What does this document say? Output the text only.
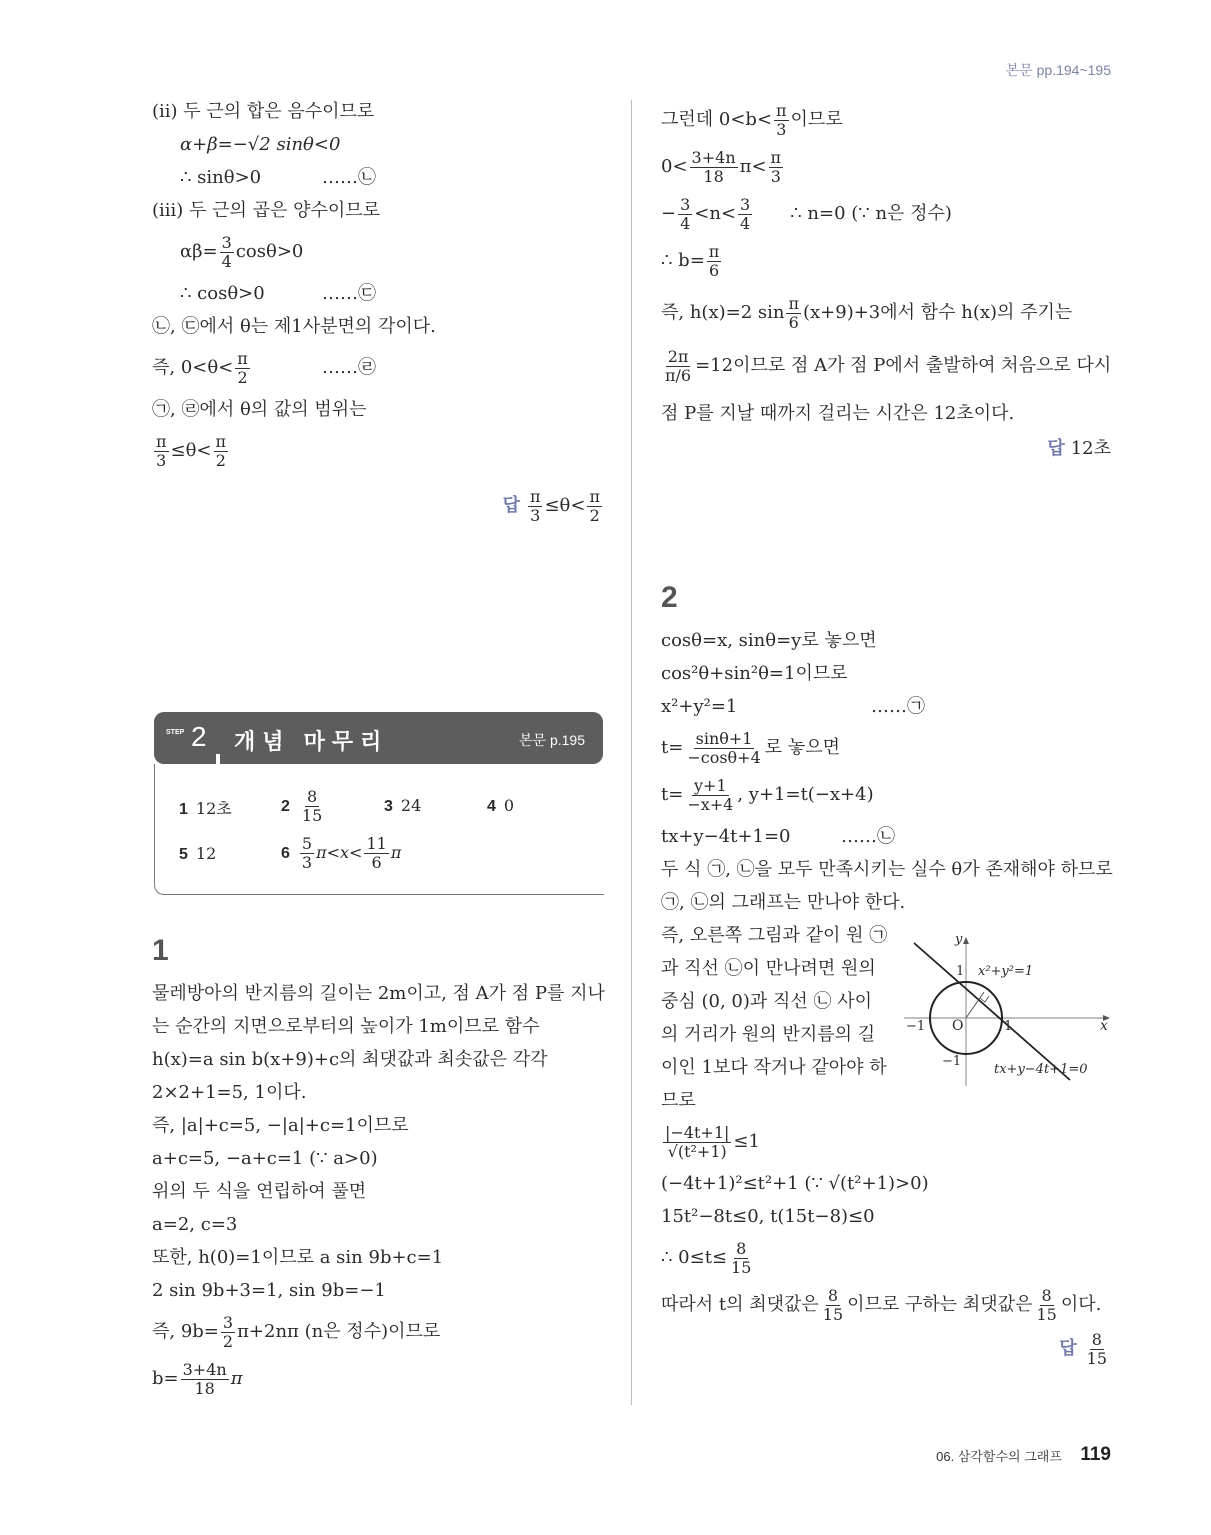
본문 pp.194~195
(ⅱ) 두 근의 합은 음수이므로
α+β=−√2 sinθ<0
∴ sinθ>0	……㉡
(ⅲ) 두 근의 곱은 양수이므로
$\alpha\beta= \frac{3}{4} \cos\theta>0$
∴ cosθ>0	……㉢
㉡, ㉢에서 θ는 제1사분면의 각이다.
즉, $0<\theta< \frac{\pi}{2}$	……㉣
㉠, ㉣에서 θ의 값의 범위는
$\frac{\pi}{3} \le\theta< \frac{\pi}{2}$
답 $\frac{\pi}{3} \le\theta< \frac{\pi}{2}$
STEP 2 개념 마무리	본문 p.195
1 12초	$2 \frac{8}{15}$	3 24	4 0
5 12	$6 \frac{5}{3} \pi<x< \frac{11}{6}$ π
1
물레방아의 반지름의 길이는 2m이고, 점 A가 점 P를 지나
는 순간의 지면으로부터의 높이가 1m이므로 함수
h(x)=a sin b(x+9)+c의 최댓값과 최솟값은 각각
2×2+1=5, 1이다.
즉, |a|+c=5, −|a|+c=1이므로
a+c=5, −a+c=1 (∵ a>0)
위의 두 식을 연립하여 풀면
a=2, c=3
또한, h(0)=1이므로 a sin 9b+c=1
2 sin 9b+3=1, sin 9b=−1
즉, $9b= \frac{3}{2} \pi+2n\pi$ (n은 정수)이므로
$b= \frac{3+4n}{18}$ π
그런데 $0<b< \frac{\pi}{3}$ 이므로
$0< \frac{3+4n}{18} \pi< \frac{\pi}{3}$
− $\frac{3}{4} <n< \frac{3}{4}$ ∴ n=0 (∵ n은 정수)
∴ $b= \frac{\pi}{6}$
즉, h(x)=2 $\sin \frac{\pi}{6} (x+9)+3$에서 함수 h(x)의 주기는
$\frac{2\pi}{\pi/6} =12$이므로 점 A가 점 P에서 출발하여 처음으로 다시
점 P를 지날 때까지 걸리는 시간은 12초이다.
답 12초
2
cosθ=x, sinθ=y로 놓으면
cos²θ+sin²θ=1이므로
x²+y²=1	……㉠
$t= \frac{\sin\theta+1}{-\cos\theta+4}$ 로 놓으면
$t= \frac{y+1}{-x+4}$ , y+1=t(−x+4)
tx+y−4t+1=0	……㉡
두 식 ㉠, ㉡을 모두 만족시키는 실수 θ가 존재해야 하므로
㉠, ㉡의 그래프는 만나야 한다.
즉, 오른쪽 그림과 같이 원 ㉠
과 직선 ㉡이 만나려면 원의
중심 (0, 0)과 직선 ㉡ 사이
의 거리가 원의 반지름의 길
이인 1보다 작거나 같아야 하
므로
$\frac{|-4t+1|}{\text{√(t²+1)}} \le 1$
(−4t+1)²≤t²+1 (∵ √(t²+1)>0)
15t²−8t≤0, t(15t−8)≤0
∴ $0\le t\le \frac{8}{15}$
따라서 t의 최댓값은 $\frac{8}{15}$ 이므로 구하는 최댓값은 $\frac{8}{15}$ 이다.
답 $\frac{8}{15}$
y
x
O
1
−1
1
−1
x²+y²=1
tx+y−4t+1=0
06. 삼각함수의 그래프 119
